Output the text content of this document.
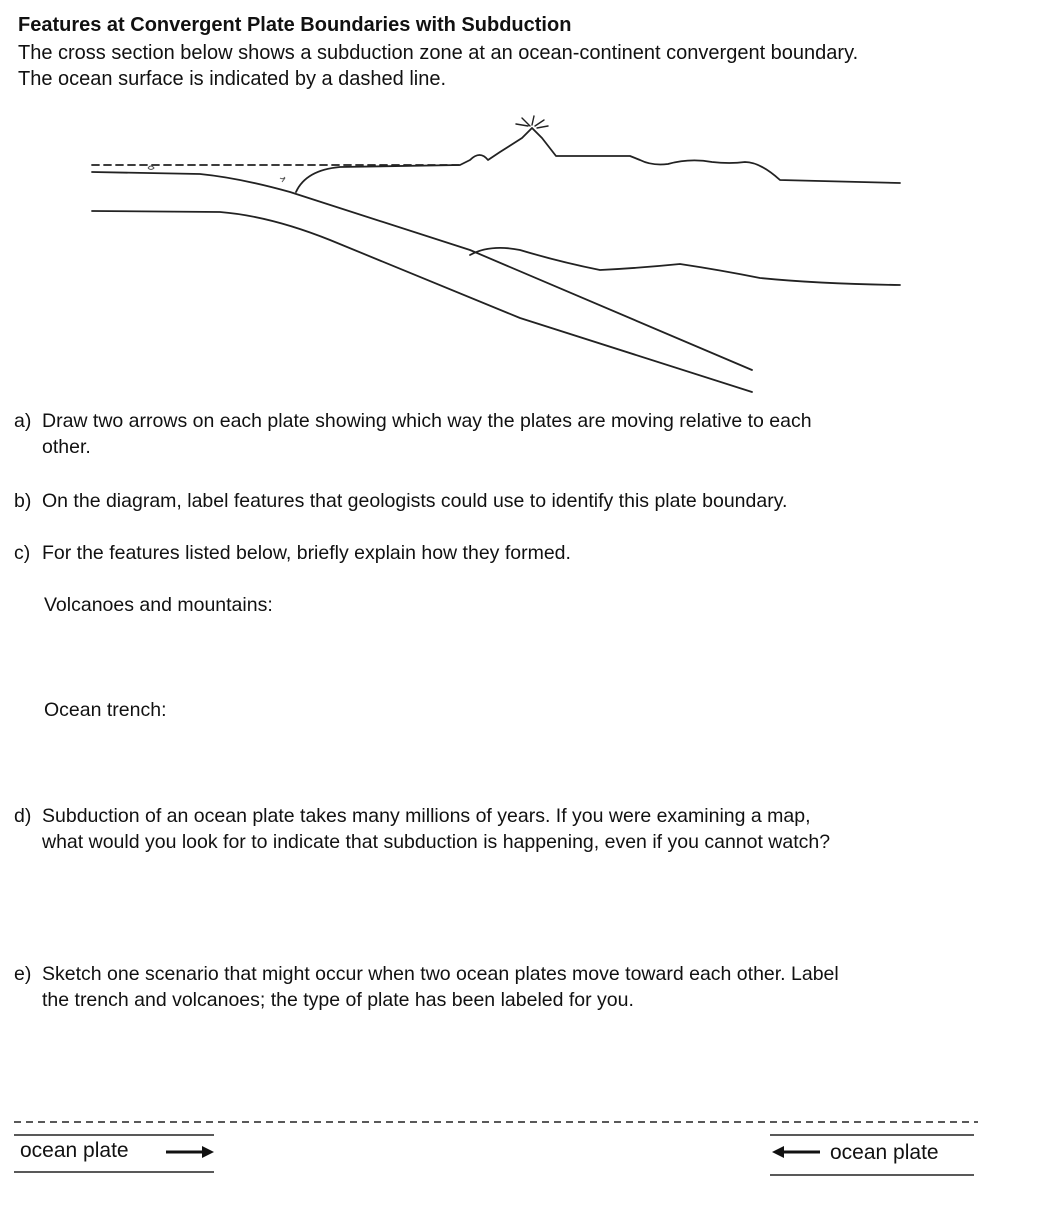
Features at Convergent Plate Boundaries with Subduction
The cross section below shows a subduction zone at an ocean-continent convergent boundary.
The ocean surface is indicated by a dashed line.
a) Draw two arrows on each plate showing which way the plates are moving relative to each
other.
b) On the diagram, label features that geologists could use to identify this plate boundary.
c) For the features listed below, briefly explain how they formed.
Volcanoes and mountains:
Ocean trench:
d) Subduction of an ocean plate takes many millions of years. If you were examining a map,
what would you look for to indicate that subduction is happening, even if you cannot watch?
e) Sketch one scenario that might occur when two ocean plates move toward each other. Label
the trench and volcanoes; the type of plate has been labeled for you.
ocean plate	ocean plate
